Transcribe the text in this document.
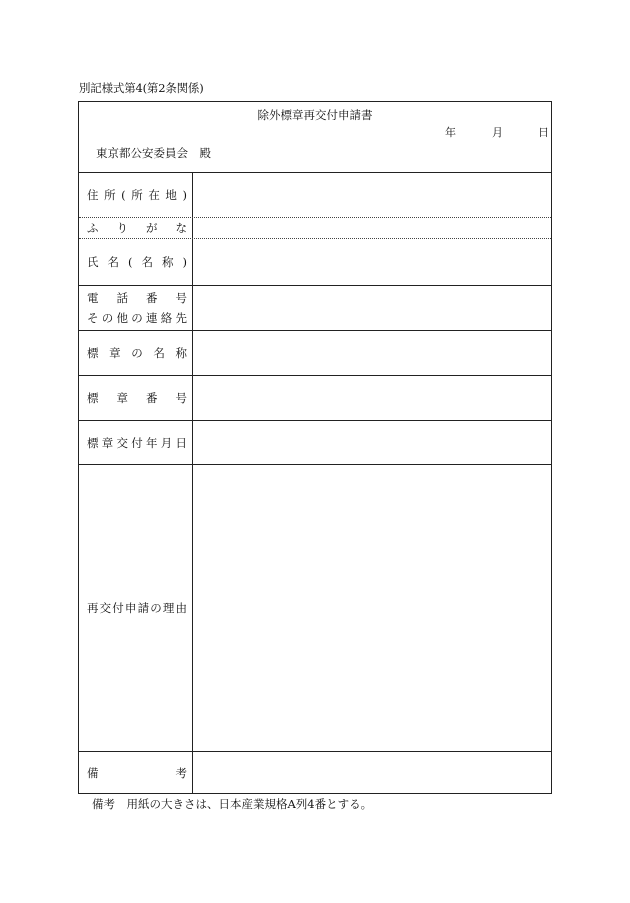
別記様式第4(第2条関係)
除外標章再交付申請書
年	月	日
東京都公安委員会　殿
住 所 ( 所 在 地 )
ふ り が な
氏 名 ( 名 称 )
電 話 番 号
そ の 他 の 連 絡 先
標 章 の 名 称
標 章 番 号
標 章 交 付 年 月 日
再 交 付 申 請 の 理 由
備	考
備考　用紙の大きさは、日本産業規格A列4番とする。
